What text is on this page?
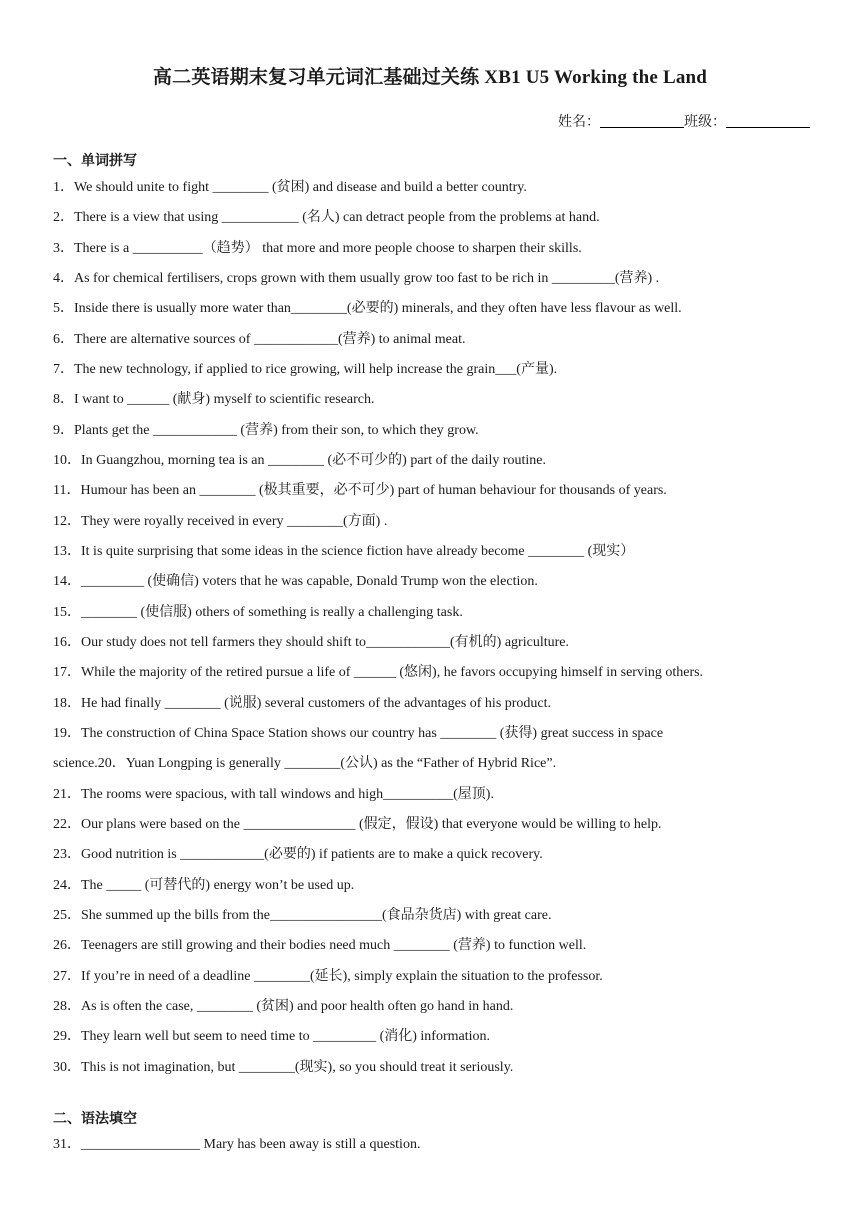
高二英语期末复习单元词汇基础过关练 XB1 U5 Working the Land
姓名：	班级：
一、单词拼写
1．We should unite to fight ________ (贫困) and disease and build a better country.
2．There is a view that using ___________ (名人) can detract people from the problems at hand.
3．There is a __________（趋势） that more and more people choose to sharpen their skills.
4．As for chemical fertilisers, crops grown with them usually grow too fast to be rich in _________(营养) .
5．Inside there is usually more water than________(必要的) minerals, and they often have less flavour as well.
6．There are alternative sources of ____________(营养) to animal meat.
7．The new technology, if applied to rice growing, will help increase the grain___(产量).
8．I want to ______ (献身) myself to scientific research.
9．Plants get the ____________ (营养) from their son, to which they grow.
10．In Guangzhou, morning tea is an ________ (必不可少的) part of the daily routine.
11．Humour has been an ________ (极其重要，必不可少) part of human behaviour for thousands of years.
12．They were royally received in every ________(方面) .
13．It is quite surprising that some ideas in the science fiction have already become ________ (现实）
14．_________ (使确信) voters that he was capable, Donald Trump won the election.
15．________ (使信服) others of something is really a challenging task.
16．Our study does not tell farmers they should shift to____________(有机的) agriculture.
17．While the majority of the retired pursue a life of ______ (悠闲), he favors occupying himself in serving others.
18．He had finally ________ (说服) several customers of the advantages of his product.
19．The construction of China Space Station shows our country has ________ (获得) great success in space
science.20．Yuan Longping is generally ________(公认) as the “Father of Hybrid Rice”.
21．The rooms were spacious, with tall windows and high__________(屋顶).
22．Our plans were based on the ________________ (假定，假设) that everyone would be willing to help.
23．Good nutrition is ____________(必要的) if patients are to make a quick recovery.
24．The _____ (可替代的) energy won’t be used up.
25．She summed up the bills from the________________(食品杂货店) with great care.
26．Teenagers are still growing and their bodies need much ________ (营养) to function well.
27．If you’re in need of a deadline ________(延长), simply explain the situation to the professor.
28．As is often the case, ________ (贫困) and poor health often go hand in hand.
29．They learn well but seem to need time to _________ (消化) information.
30．This is not imagination, but ________(现实), so you should treat it seriously.
二、语法填空
31．_________________ Mary has been away is still a question.
